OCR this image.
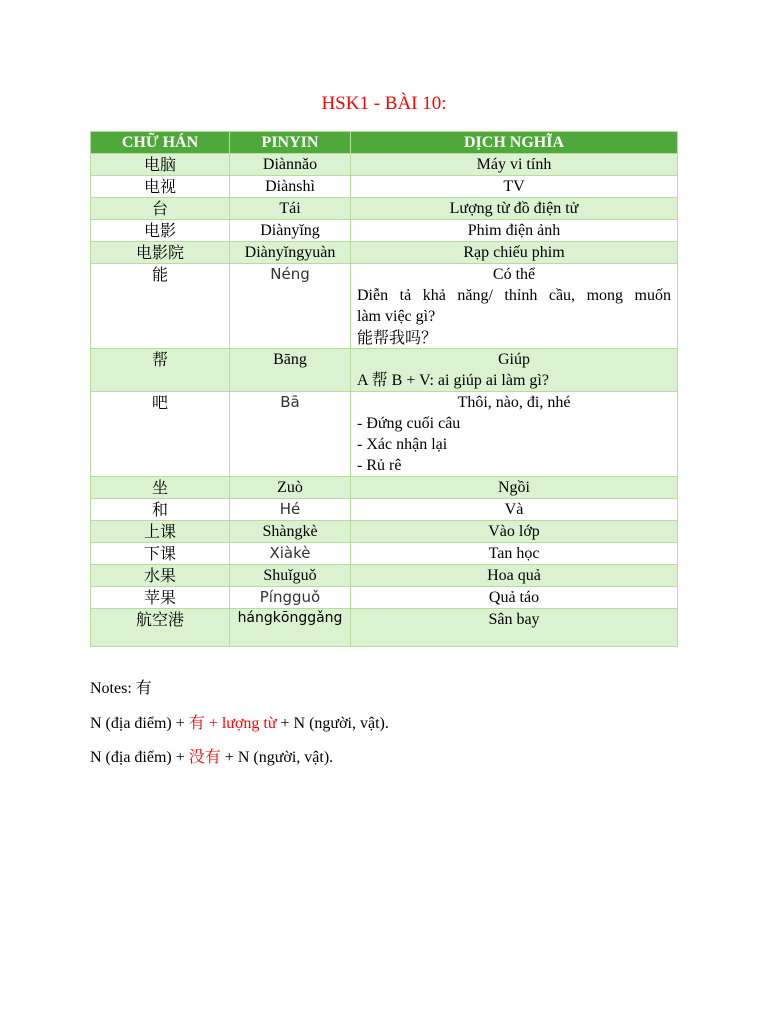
HSK1 - BÀI 10:
CHỮ HÁN	PINYIN	DỊCH NGHĨA
电脑	Diànnǎo	Máy vi tính
电视	Diànshì	TV
台	Tái	Lượng từ đồ điện tử
电影	Diànyǐng	Phim điện ảnh
电影院	Diànyǐngyuàn	Rạp chiếu phim
能	Néng	Có thể
Diễn tả khả năng/ thỉnh cầu, mong muốn
làm việc gì?
能帮我吗？

帮	Bāng	Giúp
A 帮 B + V: ai giúp ai làm gì?

吧	Bā	Thôi, nào, đi, nhé
- Đứng cuối câu
- Xác nhận lại
- Rủ rê

坐	Zuò	Ngồi
和	Hé	Và
上课	Shàngkè	Vào lớp
下课	Xiàkè	Tan học
水果	Shuǐguǒ	Hoa quả
苹果	Píngguǒ	Quả táo
航空港	hángkōnggǎng	Sân bay
Notes: 有
N (địa điểm) + 有 + lượng từ + N (người, vật).
N (địa điểm) + 没有 + N (người, vật).
